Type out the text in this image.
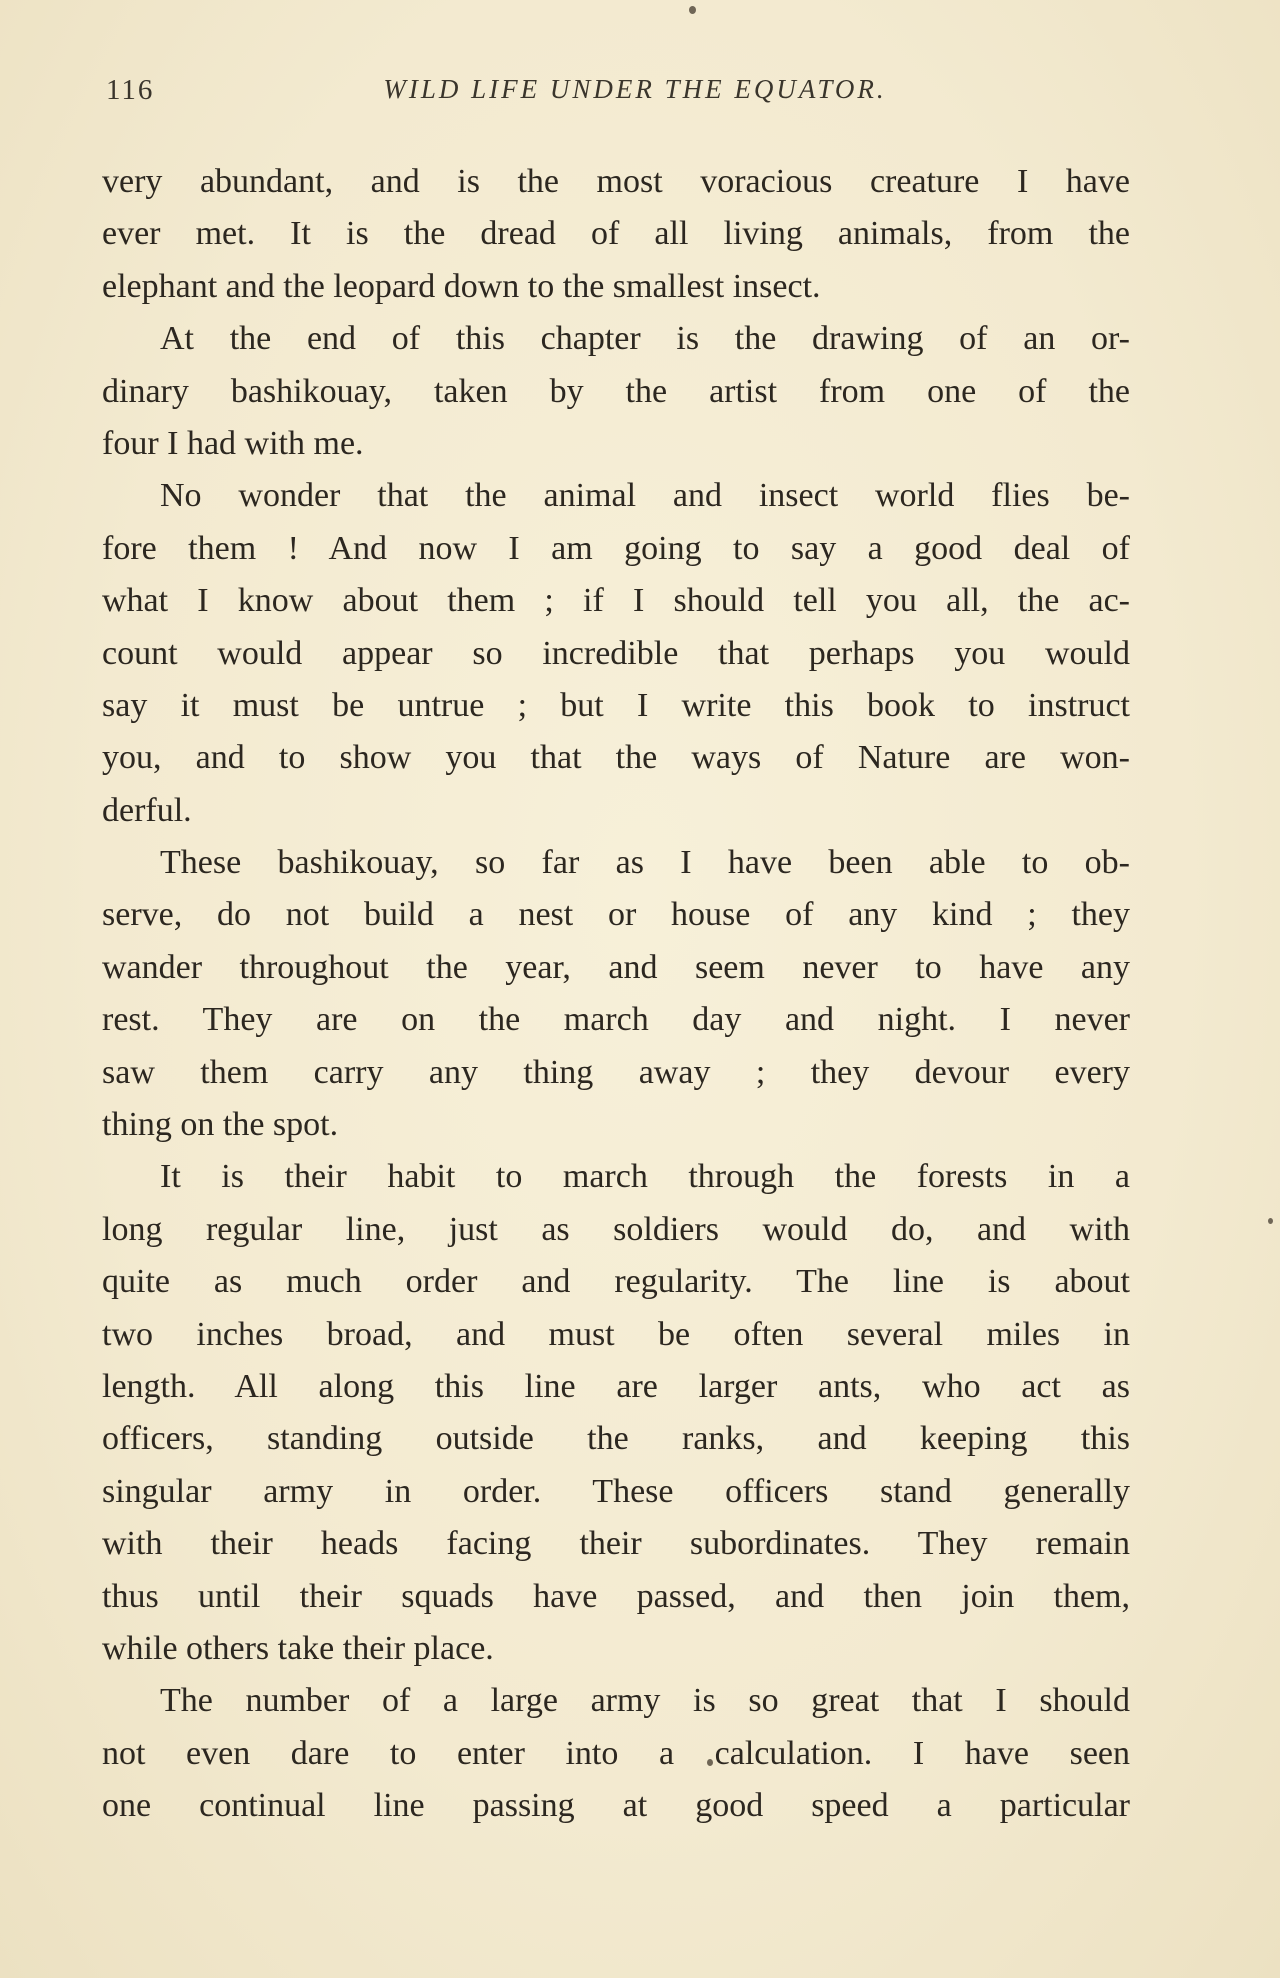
116	WILD LIFE UNDER THE EQUATOR.
very abundant, and is the most voracious creature I have
ever met. It is the dread of all living animals, from the
elephant and the leopard down to the smallest insect.
At the end of this chapter is the drawing of an or-
dinary bashikouay, taken by the artist from one of the
four I had with me.
No wonder that the animal and insect world flies be-
fore them ! And now I am going to say a good deal of
what I know about them ; if I should tell you all, the ac-
count would appear so incredible that perhaps you would
say it must be untrue ; but I write this book to instruct
you, and to show you that the ways of Nature are won-
derful.
These bashikouay, so far as I have been able to ob-
serve, do not build a nest or house of any kind ; they
wander throughout the year, and seem never to have any
rest. They are on the march day and night. I never
saw them carry any thing away ; they devour every
thing on the spot.
It is their habit to march through the forests in a
long regular line, just as soldiers would do, and with
quite as much order and regularity. The line is about
two inches broad, and must be often several miles in
length. All along this line are larger ants, who act as
officers, standing outside the ranks, and keeping this
singular army in order. These officers stand generally
with their heads facing their subordinates. They remain
thus until their squads have passed, and then join them,
while others take their place.
The number of a large army is so great that I should
not even dare to enter into a calculation. I have seen
one continual line passing at good speed a particular
